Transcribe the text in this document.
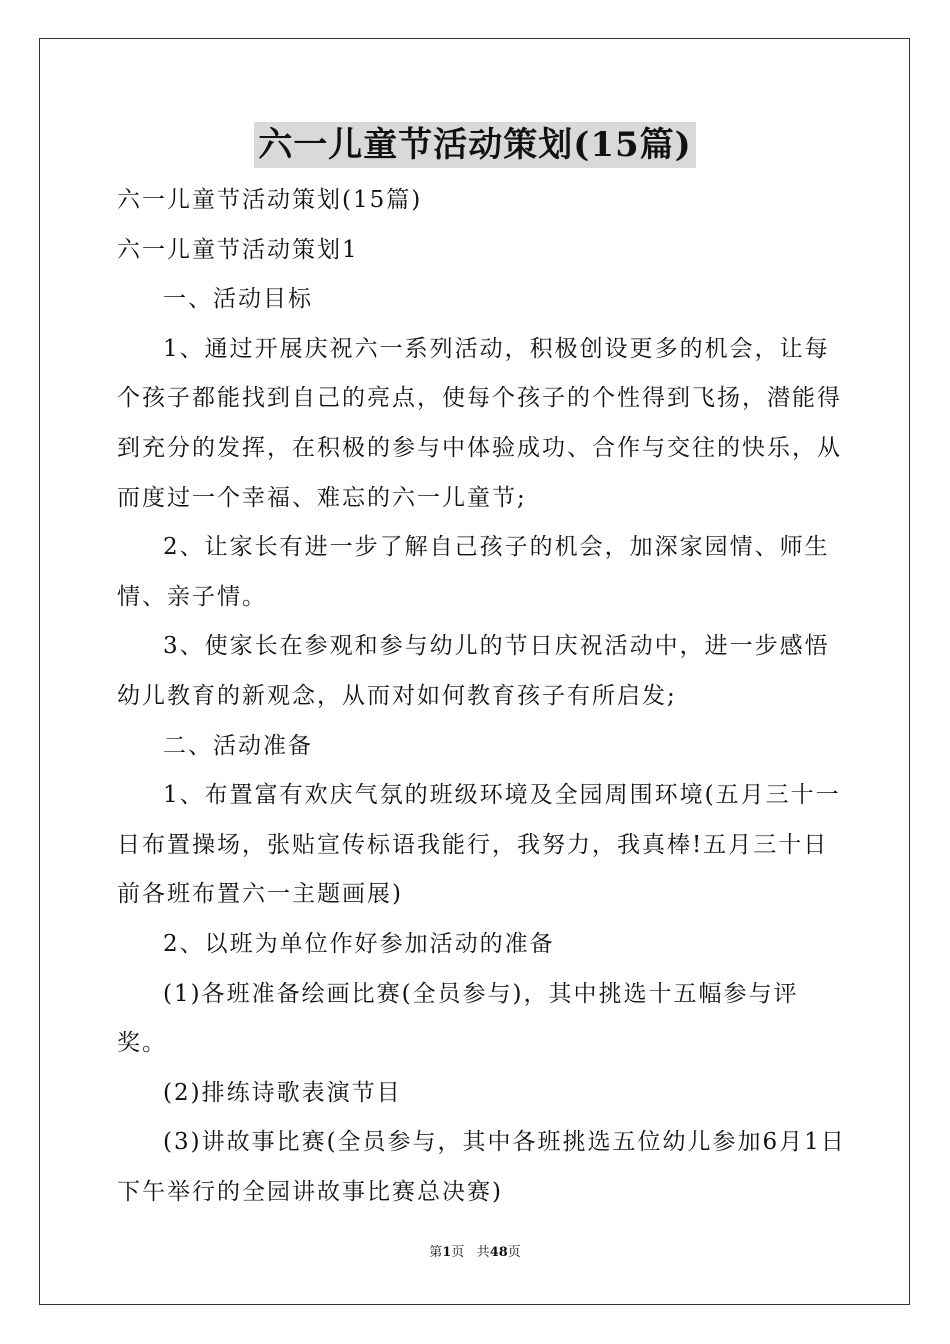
六一儿童节活动策划(15篇)

六一儿童节活动策划(15篇)

六一儿童节活动策划1

一、活动目标

1、通过开展庆祝六一系列活动，积极创设更多的机会，让每个孩子都能找到自己的亮点，使每个孩子的个性得到飞扬，潜能得到充分的发挥，在积极的参与中体验成功、合作与交往的快乐，从而度过一个幸福、难忘的六一儿童节;

2、让家长有进一步了解自己孩子的机会，加深家园情、师生情、亲子情。

3、使家长在参观和参与幼儿的节日庆祝活动中，进一步感悟幼儿教育的新观念，从而对如何教育孩子有所启发;

二、活动准备

1、布置富有欢庆气氛的班级环境及全园周围环境(五月三十一日布置操场，张贴宣传标语我能行，我努力，我真棒!五月三十日前各班布置六一主题画展)

2、以班为单位作好参加活动的准备

(1)各班准备绘画比赛(全员参与)，其中挑选十五幅参与评奖。

(2)排练诗歌表演节目

(3)讲故事比赛(全员参与，其中各班挑选五位幼儿参加6月1日下午举行的全园讲故事比赛总决赛)

第1页 共48页
